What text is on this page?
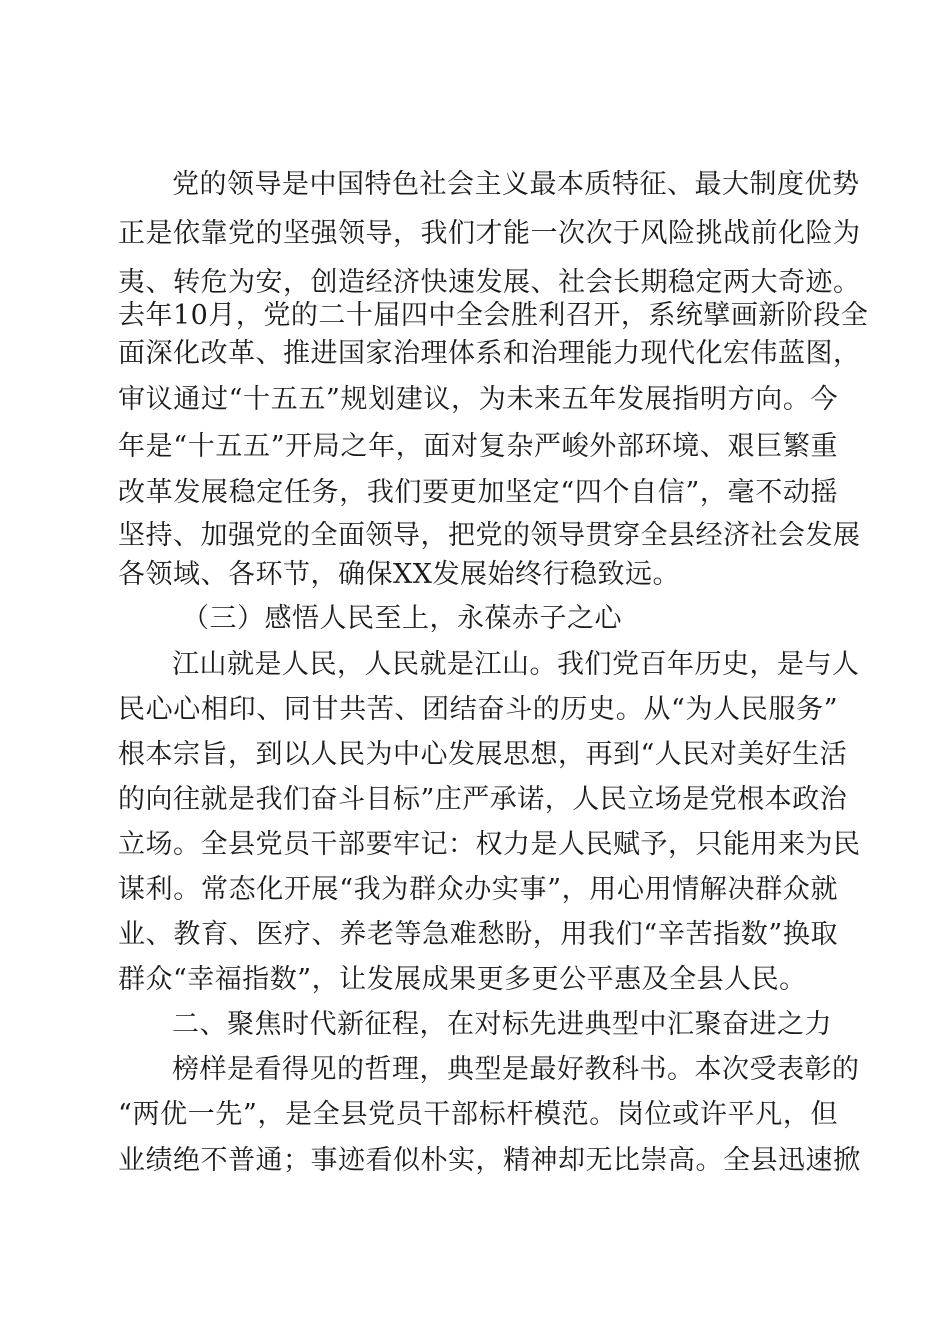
党的领导是中国特色社会主义最本质特征、最大制度优势
正是依靠党的坚强领导，我们才能一次次于风险挑战前化险为
夷、转危为安，创造经济快速发展、社会长期稳定两大奇迹。
去年10月，党的二十届四中全会胜利召开，系统擘画新阶段全
面深化改革、推进国家治理体系和治理能力现代化宏伟蓝图，
审议通过“十五五”规划建议，为未来五年发展指明方向。今
年是“十五五”开局之年，面对复杂严峻外部环境、艰巨繁重
改革发展稳定任务，我们要更加坚定“四个自信”，毫不动摇
坚持、加强党的全面领导，把党的领导贯穿全县经济社会发展
各领域、各环节，确保XX发展始终行稳致远。
（三）感悟人民至上，永葆赤子之心
江山就是人民，人民就是江山。我们党百年历史，是与人
民心心相印、同甘共苦、团结奋斗的历史。从“为人民服务”
根本宗旨，到以人民为中心发展思想，再到“人民对美好生活
的向往就是我们奋斗目标”庄严承诺，人民立场是党根本政治
立场。全县党员干部要牢记：权力是人民赋予，只能用来为民
谋利。常态化开展“我为群众办实事”，用心用情解决群众就
业、教育、医疗、养老等急难愁盼，用我们“辛苦指数”换取
群众“幸福指数”，让发展成果更多更公平惠及全县人民。
二、聚焦时代新征程，在对标先进典型中汇聚奋进之力
榜样是看得见的哲理，典型是最好教科书。本次受表彰的
“两优一先”，是全县党员干部标杆模范。岗位或许平凡，但
业绩绝不普通；事迹看似朴实，精神却无比崇高。全县迅速掀
